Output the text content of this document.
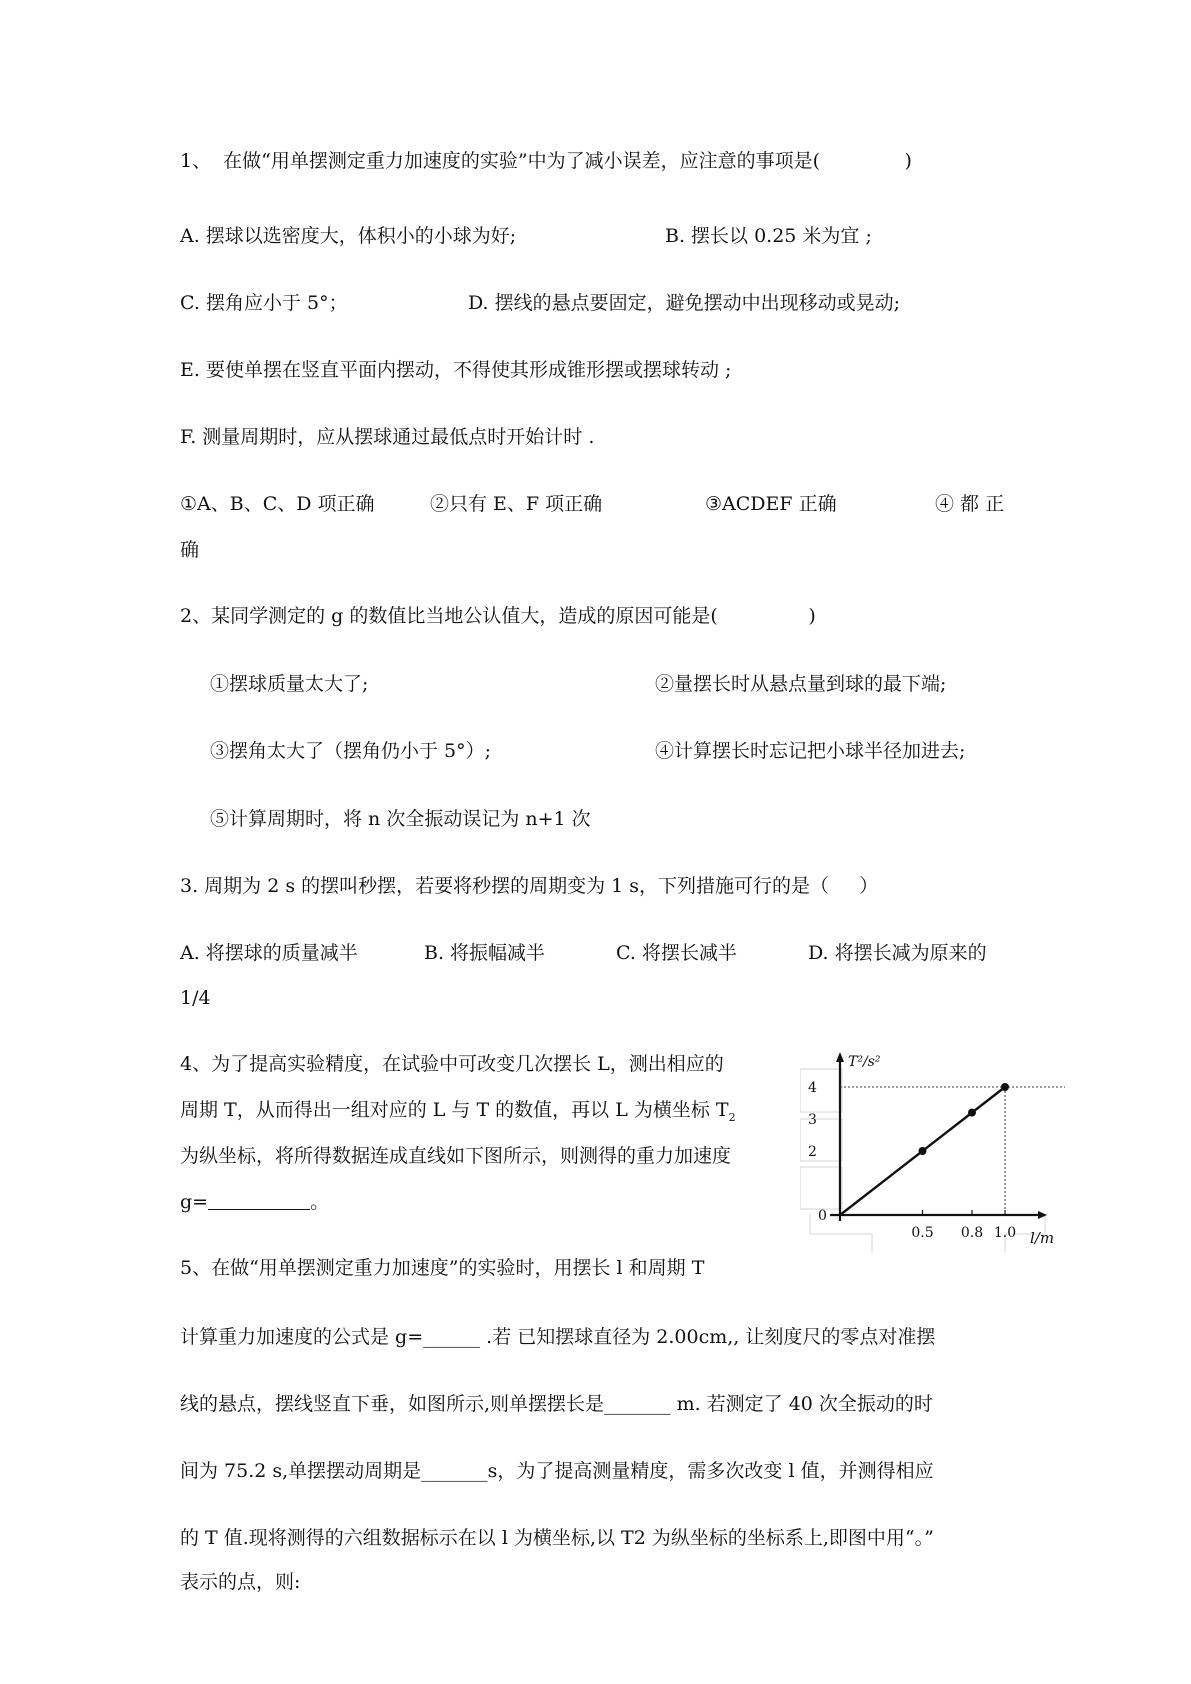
1、  在做“用单摆测定重力加速度的实验”中为了减小误差，应注意的事项是(              )
A. 摆球以选密度大，体积小的小球为好;	B. 摆长以 0.25 米为宜 ;
C. 摆角应小于 5°；	D. 摆线的悬点要固定，避免摆动中出现移动或晃动;
E. 要使单摆在竖直平面内摆动，不得使其形成锥形摆或摆球转动 ;
F. 测量周期时，应从摆球通过最低点时开始计时 .
①A、B、C、D 项正确	②只有 E、F 项正确	③ACDEF 正确	④ 都 正
确
2、某同学测定的 g 的数值比当地公认值大，造成的原因可能是(               )
①摆球质量太大了;	②量摆长时从悬点量到球的最下端;
③摆角太大了（摆角仍小于 5°）;	④计算摆长时忘记把小球半径加进去;
⑤计算周期时，将 n 次全振动误记为 n+1 次
3. 周期为 2 s 的摆叫秒摆，若要将秒摆的周期变为 1 s，下列措施可行的是（     ）
A. 将摆球的质量减半	B. 将振幅减半	C. 将摆长减半	D. 将摆长减为原来的
1/4
4、为了提高实验精度，在试验中可改变几次摆长 L，测出相应的
周期 T，从而得出一组对应的 L 与 T 的数值，再以 L 为横坐标 $T_2$
为纵坐标，将所得数据连成直线如下图所示，则测得的重力加速度
g=	。
0.5 0.8 1.0
2
3
4
0
l/m
T²/s²
5、在做“用单摆测定重力加速度”的实验时，用摆长 l 和周期 T
计算重力加速度的公式是 g=______ .若 已知摆球直径为 2.00cm,, 让刻度尺的零点对准摆
线的悬点，摆线竖直下垂，如图所示,则单摆摆长是_______ m. 若测定了 40 次全振动的时
间为 75.2 s,单摆摆动周期是_______s，为了提高测量精度，需多次改变 l 值，并测得相应
的 T 值.现将测得的六组数据标示在以 l 为横坐标,以 T2 为纵坐标的坐标系上,即图中用“。”
表示的点，则:
